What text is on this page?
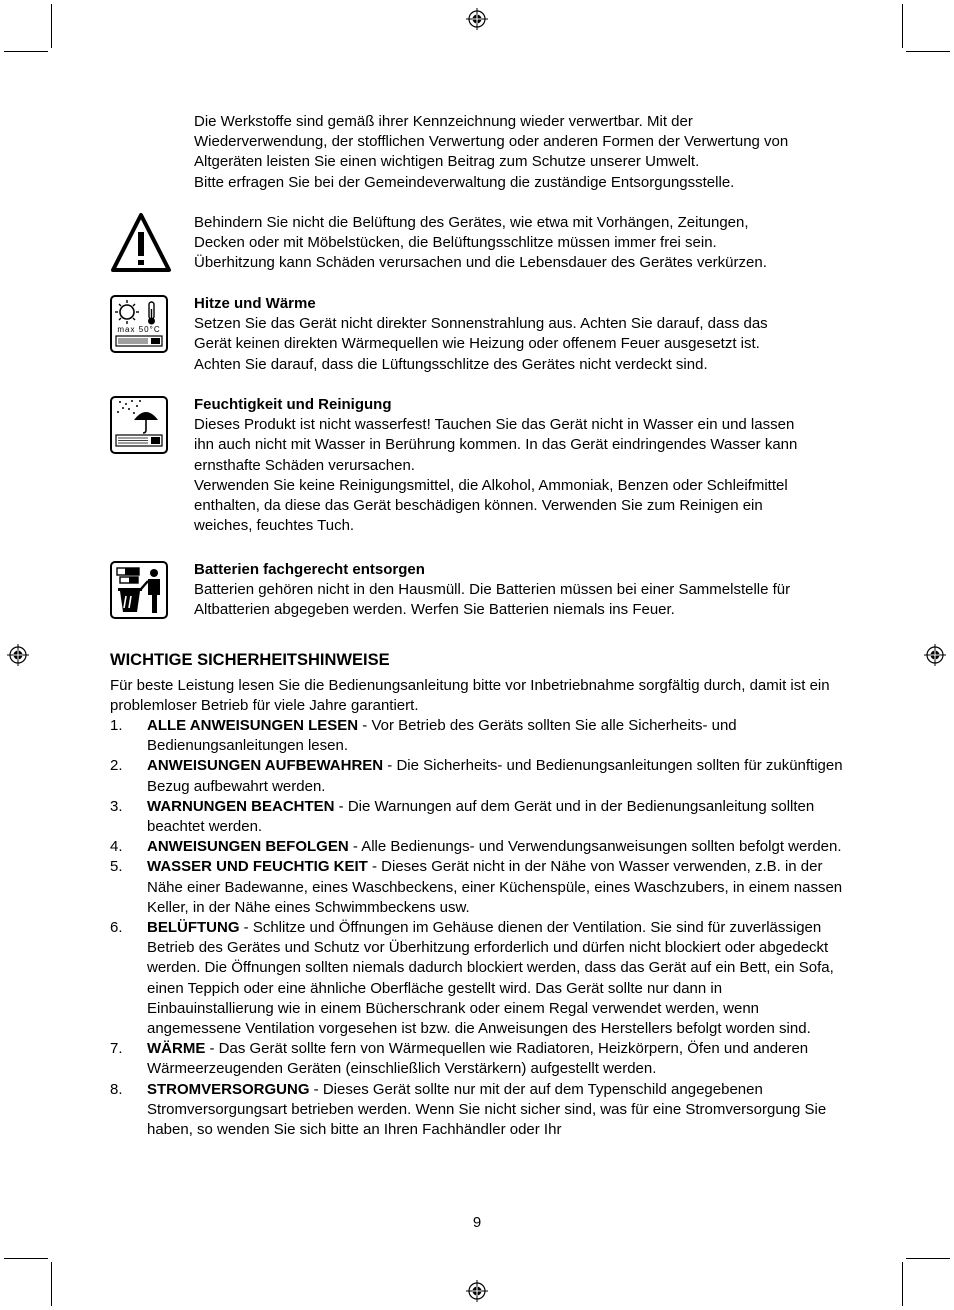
Die Werkstoffe sind gemäß ihrer Kennzeichnung wieder verwertbar. Mit der

Wiederverwendung, der stofflichen Verwertung oder anderen Formen der Verwertung von

Altgeräten leisten Sie einen wichtigen Beitrag zum Schutze unserer Umwelt.

Bitte erfragen Sie bei der Gemeindeverwaltung die zuständige Entsorgungsstelle.

Behindern Sie nicht die Belüftung des Gerätes, wie etwa mit Vorhängen, Zeitungen,

Decken oder mit Möbelstücken, die Belüftungsschlitze müssen immer frei sein.

Überhitzung kann Schäden verursachen und die Lebensdauer des Gerätes verkürzen.

max 50°C

Hitze und Wärme

Setzen Sie das Gerät nicht direkter Sonnenstrahlung aus. Achten Sie darauf, dass das

Gerät keinen direkten Wärmequellen wie Heizung oder offenem Feuer ausgesetzt ist.

Achten Sie darauf, dass die Lüftungsschlitze des Gerätes nicht verdeckt sind.

Feuchtigkeit und Reinigung

Dieses Produkt ist nicht wasserfest! Tauchen Sie das Gerät nicht in Wasser ein und lassen

ihn auch nicht mit Wasser in Berührung kommen. In das Gerät eindringendes Wasser kann

ernsthafte Schäden verursachen.

Verwenden Sie keine Reinigungsmittel, die Alkohol, Ammoniak, Benzen oder Schleifmittel

enthalten, da diese das Gerät beschädigen können. Verwenden Sie zum Reinigen ein

weiches, feuchtes Tuch.

Batterien fachgerecht entsorgen

Batterien gehören nicht in den Hausmüll. Die Batterien müssen bei einer Sammelstelle für

Altbatterien abgegeben werden. Werfen Sie Batterien niemals ins Feuer.

WICHTIGE SICHERHEITSHINWEISE

Für beste Leistung lesen Sie die Bedienungsanleitung bitte vor Inbetriebnahme sorgfältig durch, damit ist ein problemloser Betrieb für viele Jahre garantiert.

1. ALLE ANWEISUNGEN LESEN - Vor Betrieb des Geräts sollten Sie alle Sicherheits- und Bedienungsanleitungen lesen.
2. ANWEISUNGEN AUFBEWAHREN - Die Sicherheits- und Bedienungsanleitungen sollten für zukünftigen Bezug aufbewahrt werden.
3. WARNUNGEN BEACHTEN - Die Warnungen auf dem Gerät und in der Bedienungsanleitung sollten beachtet werden.
4. ANWEISUNGEN BEFOLGEN - Alle Bedienungs- und Verwendungsanweisungen sollten befolgt werden.
5. WASSER UND FEUCHTIG KEIT - Dieses Gerät nicht in der Nähe von Wasser verwenden, z.B. in der Nähe einer Badewanne, eines Waschbeckens, einer Küchenspüle, eines Waschzubers, in einem nassen Keller, in der Nähe eines Schwimmbeckens usw.
6. BELÜFTUNG - Schlitze und Öffnungen im Gehäuse dienen der Ventilation. Sie sind für zuverlässigen Betrieb des Gerätes und Schutz vor Überhitzung erforderlich und dürfen nicht blockiert oder abgedeckt werden. Die Öffnungen sollten niemals dadurch blockiert werden, dass das Gerät auf ein Bett, ein Sofa, einen Teppich oder eine ähnliche Oberfläche gestellt wird. Das Gerät sollte nur dann in Einbauinstallierung wie in einem Bücherschrank oder einem Regal verwendet werden, wenn angemessene Ventilation vorgesehen ist bzw. die Anweisungen des Herstellers befolgt worden sind.
7. WÄRME - Das Gerät sollte fern von Wärmequellen wie Radiatoren, Heizkörpern, Öfen und anderen Wärmeerzeugenden Geräten (einschließlich Verstärkern) aufgestellt werden.
8. STROMVERSORGUNG - Dieses Gerät sollte nur mit der auf dem Typenschild angegebenen Stromversorgungsart betrieben werden. Wenn Sie nicht sicher sind, was für eine Stromversorgung Sie haben, so wenden Sie sich bitte an Ihren Fachhändler oder Ihr
9
